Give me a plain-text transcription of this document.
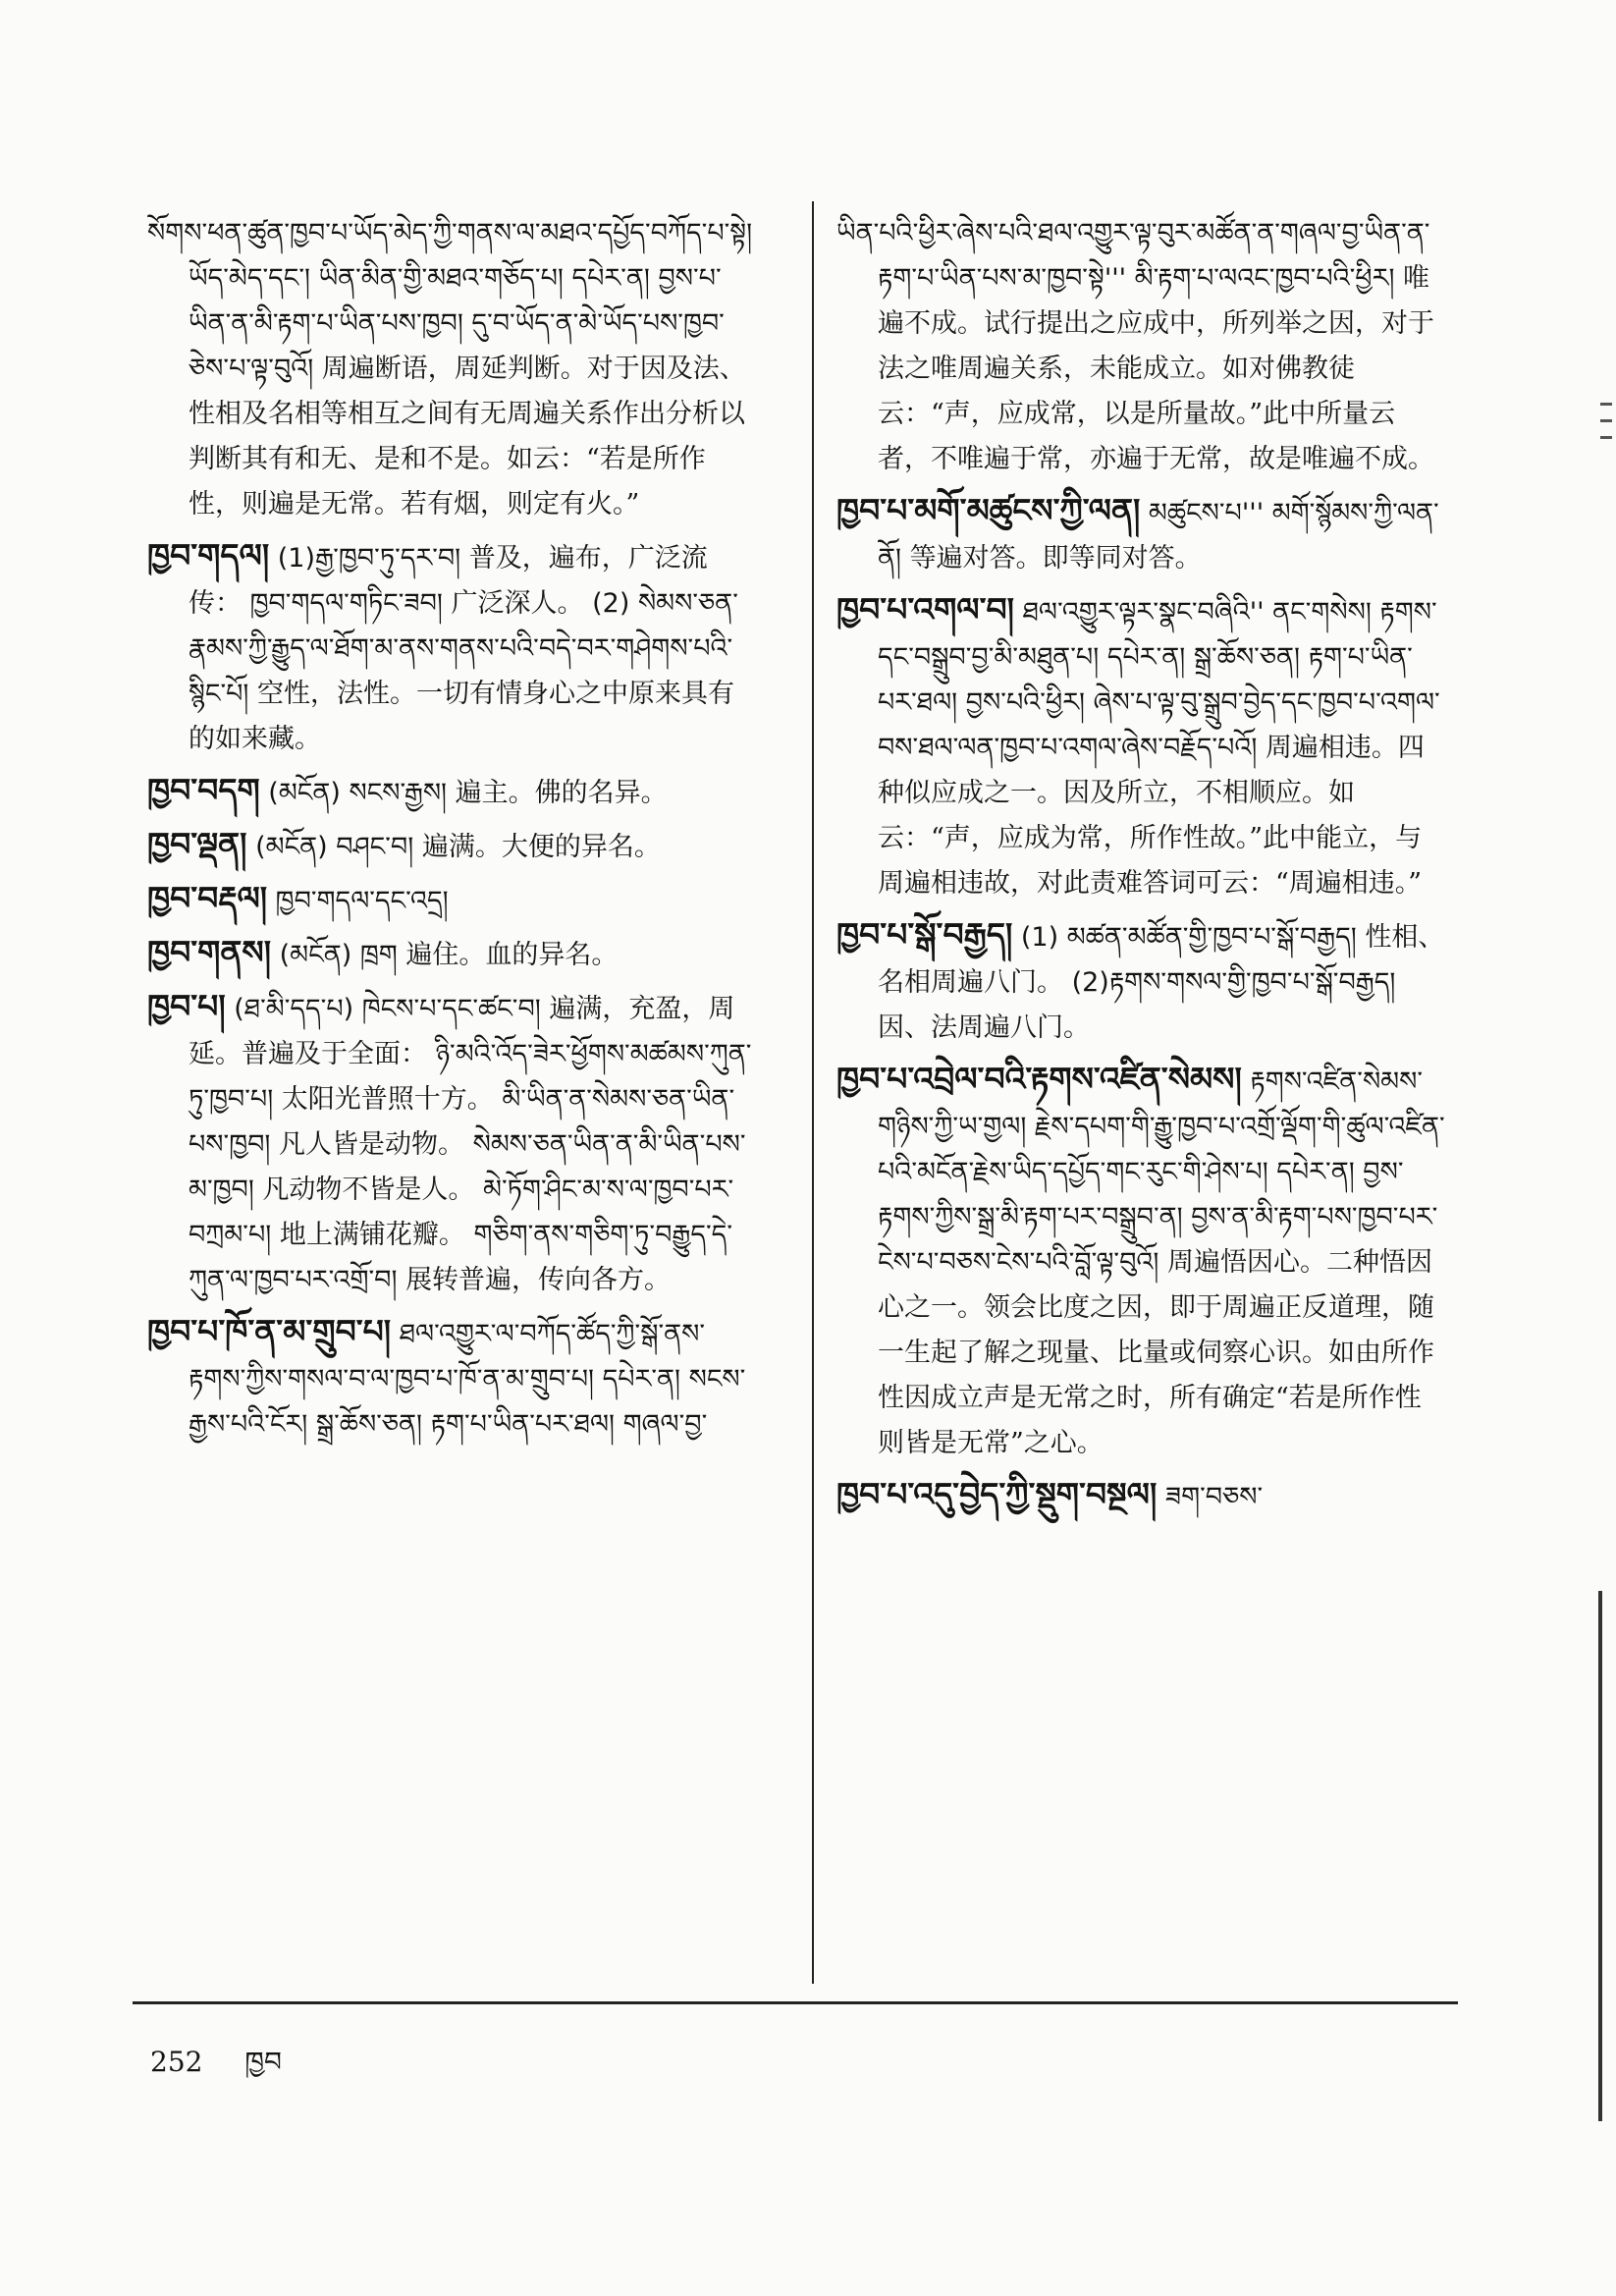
སོགས་ཕན་ཚུན་ཁྱབ་པ་ཡོད་མེད་ཀྱི་གནས་ལ་མཐའ་དཔྱོད་བཀོད་པ་སྟེ། ཡོད་མེད་དང་། ཡིན་མིན་གྱི་མཐའ་གཅོད་པ། དཔེར་ན། བྱས་པ་ཡིན་ན་མི་རྟག་པ་ཡིན་པས་ཁྱབ། དུ་བ་ཡོད་ན་མེ་ཡོད་པས་ཁྱབ་ཅེས་པ་ལྟ་བུའོ། 周遍断语，周延判断。对于因及法、性相及名相等相互之间有无周遍关系作出分析以判断其有和无、是和不是。如云：“若是所作性，则遍是无常。若有烟，则定有火。”

ཁྱབ་གདལ། (1)རྒྱ་ཁྱབ་ཏུ་དར་བ། 普及，遍布，广泛流传： ཁྱབ་གདལ་གཏིང་ཟབ། 广泛深人。 (2) སེམས་ཅན་རྣམས་ཀྱི་རྒྱུད་ལ་ཐོག་མ་ནས་གནས་པའི་བདེ་བར་གཤེགས་པའི་སྙིང་པོ། 空性，法性。一切有情身心之中原来具有的如来藏。

ཁྱབ་བདག (མངོན) སངས་རྒྱས། 遍主。佛的名异。

ཁྱབ་ལྡན། (མངོན) བཤང་བ། 遍满。大便的异名。

ཁྱབ་བརྡལ། ཁྱབ་གདལ་དང་འདྲ།

ཁྱབ་གནས། (མངོན) ཁྲག 遍住。血的异名。

ཁྱབ་པ། (ཐ་མི་དད་པ) ཁེངས་པ་དང་ཚང་བ། 遍满，充盈，周延。普遍及于全面： ཉི་མའི་འོད་ཟེར་ཕྱོགས་མཚམས་ཀུན་ཏུ་ཁྱབ་པ། 太阳光普照十方。 མི་ཡིན་ན་སེམས་ཅན་ཡིན་པས་ཁྱབ། 凡人皆是动物。 སེམས་ཅན་ཡིན་ན་མི་ཡིན་པས་མ་ཁྱབ། 凡动物不皆是人。 མེ་ཏོག་ཤིང་མ་ས་ལ་ཁྱབ་པར་བཀྲམ་པ། 地上满铺花瓣。 གཅིག་ནས་གཅིག་ཏུ་བརྒྱུད་དེ་ཀུན་ལ་ཁྱབ་པར་འགྲོ་བ། 展转普遍，传向各方。

ཁྱབ་པ་ཁོ་ན་མ་གྲུབ་པ། ཐལ་འགྱུར་ལ་བཀོད་ཚོད་ཀྱི་སྒོ་ནས་རྟགས་ཀྱིས་གསལ་བ་ལ་ཁྱབ་པ་ཁོ་ན་མ་གྲུབ་པ། དཔེར་ན། སངས་རྒྱས་པའི་ངོར། སྒྲ་ཆོས་ཅན། རྟག་པ་ཡིན་པར་ཐལ། གཞལ་བྱ་

ཡིན་པའི་ཕྱིར་ཞེས་པའི་ཐལ་འགྱུར་ལྟ་བུར་མཚོན་ན་གཞལ་བྱ་ཡིན་ན་རྟག་པ་ཡིན་པས་མ་ཁྱབ་སྟེ''' མི་རྟག་པ་ལའང་ཁྱབ་པའི་ཕྱིར། 唯遍不成。试行提出之应成中，所列举之因，对于法之唯周遍关系，未能成立。如对佛教徒云：“声，应成常，以是所量故。”此中所量云者，不唯遍于常，亦遍于无常，故是唯遍不成。

ཁྱབ་པ་མགོ་མཚུངས་ཀྱི་ལན། མཚུངས་པ''' མགོ་སྙོམས་ཀྱི་ལན་ནོ། 等遍对答。即等同对答。

ཁྱབ་པ་འགལ་བ། ཐལ་འགྱུར་ལྟར་སྣང་བཞིའི'' ནང་གསེས། རྟགས་དང་བསྒྲུབ་བྱ་མི་མཐུན་པ། དཔེར་ན། སྒྲ་ཆོས་ཅན། རྟག་པ་ཡིན་པར་ཐལ། བྱས་པའི་ཕྱིར། ཞེས་པ་ལྟ་བུ་སྒྲུབ་བྱེད་དང་ཁྱབ་པ་འགལ་བས་ཐལ་ལན་ཁྱབ་པ་འགལ་ཞེས་བརྗོད་པའོ། 周遍相违。四种似应成之一。因及所立，不相顺应。如云：“声，应成为常，所作性故。”此中能立，与周遍相违故，对此责难答词可云：“周遍相违。”

ཁྱབ་པ་སྒོ་བརྒྱད། (1) མཚན་མཚོན་གྱི་ཁྱབ་པ་སྒོ་བརྒྱད། 性相、名相周遍八门。 (2)རྟགས་གསལ་གྱི་ཁྱབ་པ་སྒོ་བརྒྱད། 因、法周遍八门。

ཁྱབ་པ་འབྲེལ་བའི་རྟགས་འཛིན་སེམས། རྟགས་འཛིན་སེམས་གཉིས་ཀྱི་ཡ་གྱལ། རྗེས་དཔག་གི་རྒྱུ་ཁྱབ་པ་འགྲོ་ལྡོག་གི་ཚུལ་འཛིན་པའི་མངོན་རྗེས་ཡིད་དཔྱོད་གང་རུང་གི་ཤེས་པ། དཔེར་ན། བྱས་རྟགས་ཀྱིས་སྒྲ་མི་རྟག་པར་བསྒྲུབ་ན། བྱས་ན་མི་རྟག་པས་ཁྱབ་པར་ངེས་པ་བཅས་ངེས་པའི་བློ་ལྟ་བུའོ། 周遍悟因心。二种悟因心之一。领会比度之因，即于周遍正反道理，随一生起了解之现量、比量或伺察心识。如由所作性因成立声是无常之时，所有确定“若是所作性则皆是无常”之心。

ཁྱབ་པ་འདུ་བྱེད་ཀྱི་སྡུག་བསྔལ། ཟག་བཅས་

252 ཁྱབ
